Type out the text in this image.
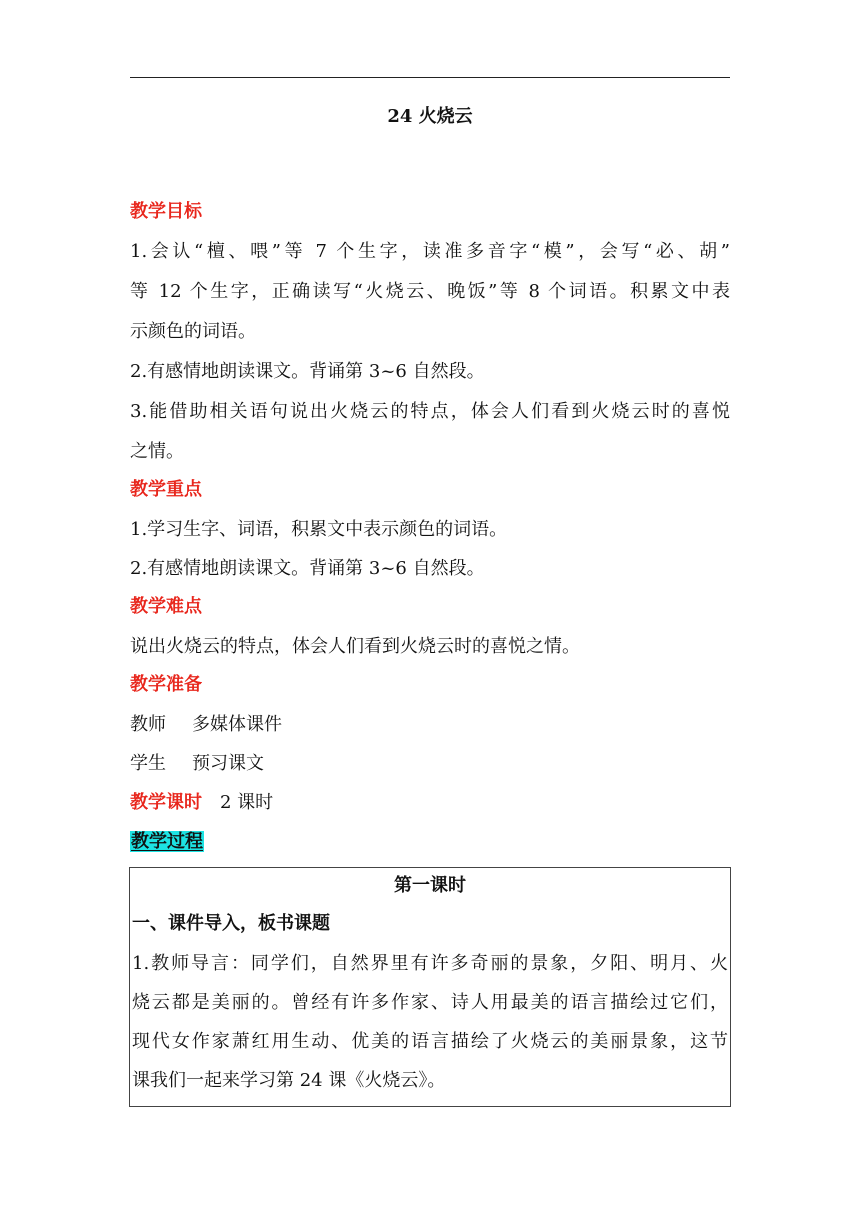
24 火烧云
教学目标
1.会认“檀、喂”等 7 个生字，读准多音字“模”，会写“必、胡”
等 12 个生字，正确读写“火烧云、晚饭”等 8 个词语。积累文中表
示颜色的词语。
2.有感情地朗读课文。背诵第 3~6 自然段。
3.能借助相关语句说出火烧云的特点，体会人们看到火烧云时的喜悦
之情。
教学重点
1.学习生字、词语，积累文中表示颜色的词语。
2.有感情地朗读课文。背诵第 3~6 自然段。
教学难点
说出火烧云的特点，体会人们看到火烧云时的喜悦之情。
教学准备
教师 多媒体课件
学生 预习课文
教学课时 2 课时
教学过程
第一课时
一、课件导入，板书课题
1.教师导言：同学们，自然界里有许多奇丽的景象，夕阳、明月、火
烧云都是美丽的。曾经有许多作家、诗人用最美的语言描绘过它们，
现代女作家萧红用生动、优美的语言描绘了火烧云的美丽景象，这节
课我们一起来学习第 24 课《火烧云》。
